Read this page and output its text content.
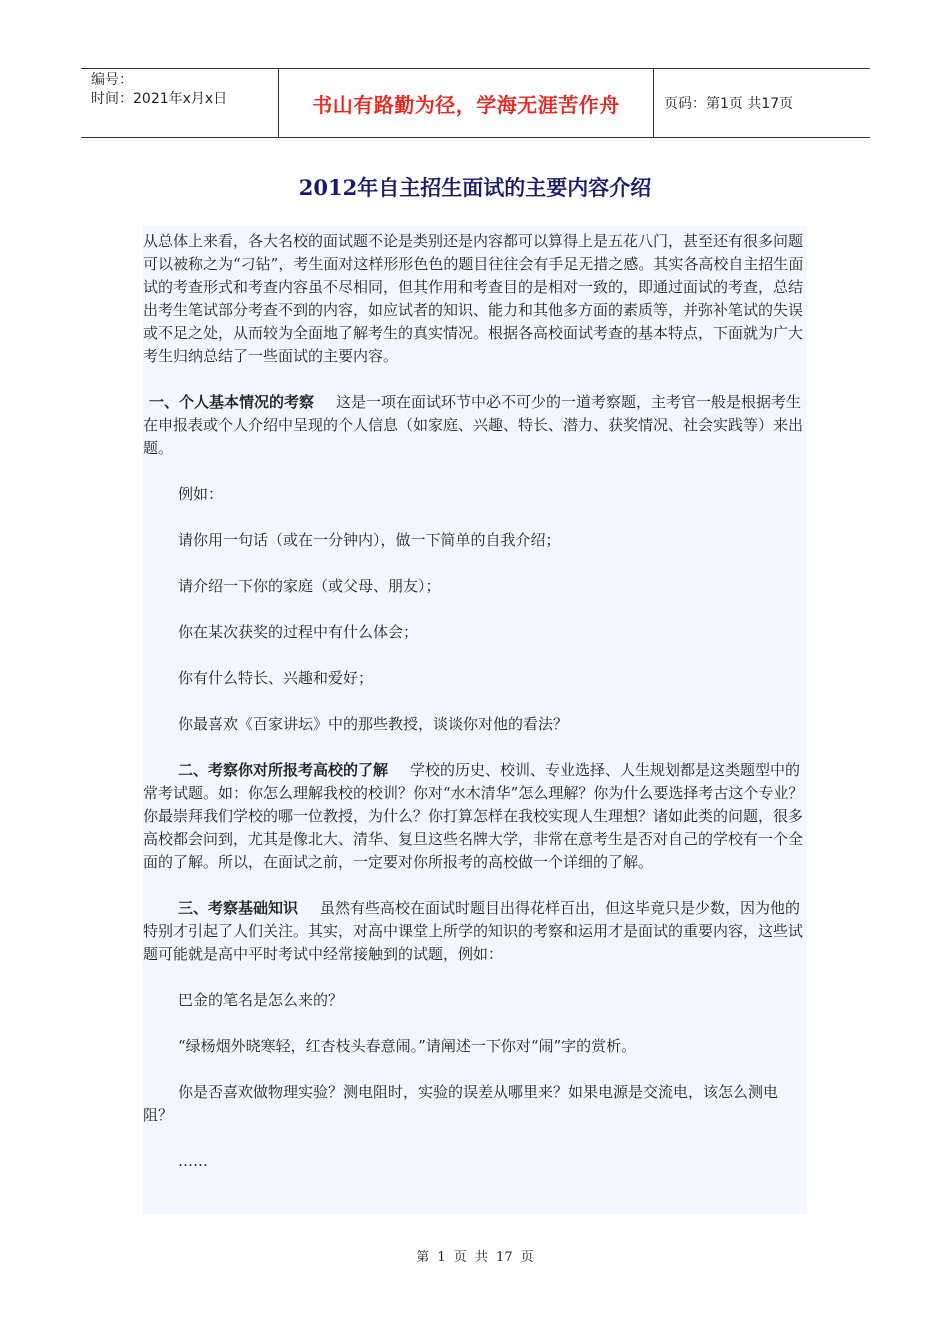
编号：
时间：2021年x月x日	书山有路勤为径，学海无涯苦作舟	页码：第1页 共17页
2012年自主招生面试的主要内容介绍

从总体上来看，各大名校的面试题不论是类别还是内容都可以算得上是五花八门，甚至还有很多问题可以被称之为“刁钻”，考生面对这样形形色色的题目往往会有手足无措之感。其实各高校自主招生面试的考查形式和考查内容虽不尽相同，但其作用和考查目的是相对一致的，即通过面试的考查，总结出考生笔试部分考查不到的内容，如应试者的知识、能力和其他多方面的素质等，并弥补笔试的失误或不足之处，从而较为全面地了解考生的真实情况。根据各高校面试考查的基本特点，下面就为广大考生归纳总结了一些面试的主要内容。

一、个人基本情况的考察 这是一项在面试环节中必不可少的一道考察题，主考官一般是根据考生在申报表或个人介绍中呈现的个人信息（如家庭、兴趣、特长、潜力、获奖情况、社会实践等）来出题。

例如：

请你用一句话（或在一分钟内），做一下简单的自我介绍；

请介绍一下你的家庭（或父母、朋友）；

你在某次获奖的过程中有什么体会；

你有什么特长、兴趣和爱好；

你最喜欢《百家讲坛》中的那些教授，谈谈你对他的看法？

二、考察你对所报考高校的了解 学校的历史、校训、专业选择、人生规划都是这类题型中的常考试题。如：你怎么理解我校的校训？你对“水木清华”怎么理解？你为什么要选择考古这个专业？你最崇拜我们学校的哪一位教授，为什么？你打算怎样在我校实现人生理想？诸如此类的问题，很多高校都会问到，尤其是像北大、清华、复旦这些名牌大学，非常在意考生是否对自己的学校有一个全面的了解。所以，在面试之前，一定要对你所报考的高校做一个详细的了解。

三、考察基础知识 虽然有些高校在面试时题目出得花样百出，但这毕竟只是少数，因为他的特别才引起了人们关注。其实，对高中课堂上所学的知识的考察和运用才是面试的重要内容，这些试题可能就是高中平时考试中经常接触到的试题，例如：

巴金的笔名是怎么来的？

“绿杨烟外晓寒轻，红杏枝头春意闹。”请阐述一下你对“闹”字的赏析。

你是否喜欢做物理实验？测电阻时，实验的误差从哪里来？如果电源是交流电，该怎么测电阻？

……

第 1 页 共 17 页
